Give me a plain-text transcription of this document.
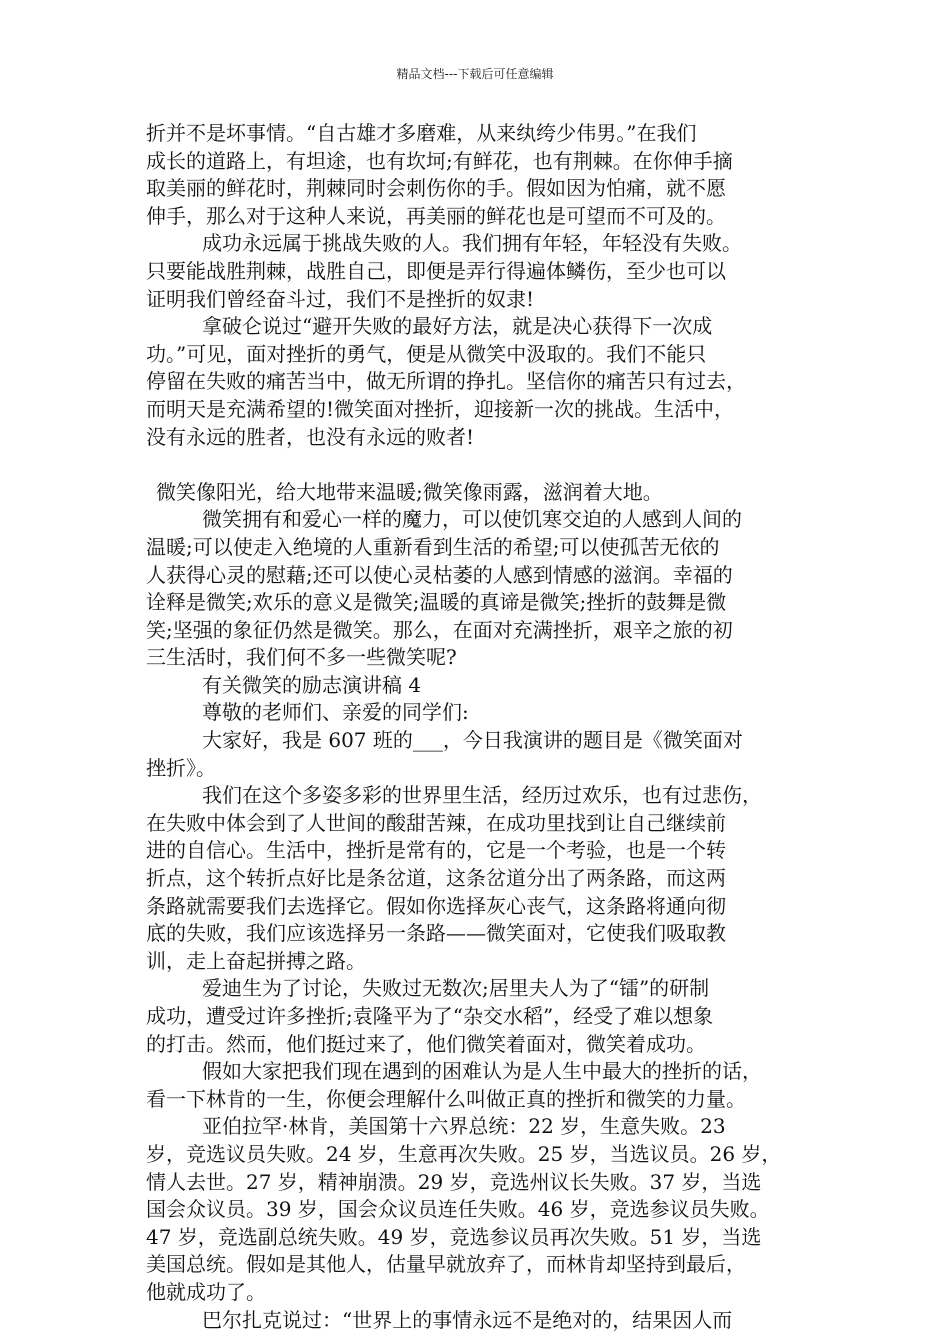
精品文档---下载后可任意编辑
折并不是坏事情。“自古雄才多磨难，从来纨绔少伟男。”在我们
成长的道路上，有坦途，也有坎坷;有鲜花，也有荆棘。在你伸手摘
取美丽的鲜花时，荆棘同时会刺伤你的手。假如因为怕痛，就不愿
伸手，那么对于这种人来说，再美丽的鲜花也是可望而不可及的。
成功永远属于挑战失败的人。我们拥有年轻，年轻没有失败。
只要能战胜荆棘，战胜自己，即便是弄行得遍体鳞伤，至少也可以
证明我们曾经奋斗过，我们不是挫折的奴隶!
拿破仑说过“避开失败的最好方法，就是决心获得下一次成
功。”可见，面对挫折的勇气，便是从微笑中汲取的。我们不能只
停留在失败的痛苦当中，做无所谓的挣扎。坚信你的痛苦只有过去，
而明天是充满希望的!微笑面对挫折，迎接新一次的挑战。生活中，
没有永远的胜者，也没有永远的败者!
微笑像阳光，给大地带来温暖;微笑像雨露，滋润着大地。
微笑拥有和爱心一样的魔力，可以使饥寒交迫的人感到人间的
温暖;可以使走入绝境的人重新看到生活的希望;可以使孤苦无依的
人获得心灵的慰藉;还可以使心灵枯萎的人感到情感的滋润。幸福的
诠释是微笑;欢乐的意义是微笑;温暖的真谛是微笑;挫折的鼓舞是微
笑;坚强的象征仍然是微笑。那么，在面对充满挫折，艰辛之旅的初
三生活时，我们何不多一些微笑呢?
有关微笑的励志演讲稿 4
尊敬的老师们、亲爱的同学们:
大家好，我是 607 班的___，今日我演讲的题目是《微笑面对
挫折》。
我们在这个多姿多彩的世界里生活，经历过欢乐，也有过悲伤，
在失败中体会到了人世间的酸甜苦辣，在成功里找到让自己继续前
进的自信心。生活中，挫折是常有的，它是一个考验，也是一个转
折点，这个转折点好比是条岔道，这条岔道分出了两条路，而这两
条路就需要我们去选择它。假如你选择灰心丧气，这条路将通向彻
底的失败，我们应该选择另一条路——微笑面对，它使我们吸取教
训，走上奋起拼搏之路。
爱迪生为了讨论，失败过无数次;居里夫人为了“镭”的研制
成功，遭受过许多挫折;袁隆平为了“杂交水稻”，经受了难以想象
的打击。然而，他们挺过来了，他们微笑着面对，微笑着成功。
假如大家把我们现在遇到的困难认为是人生中最大的挫折的话，
看一下林肯的一生，你便会理解什么叫做正真的挫折和微笑的力量。
亚伯拉罕·林肯，美国第十六界总统：22 岁，生意失败。23
岁，竞选议员失败。24 岁，生意再次失败。25 岁，当选议员。26 岁，
情人去世。27 岁，精神崩溃。29 岁，竞选州议长失败。37 岁，当选
国会众议员。39 岁，国会众议员连任失败。46 岁，竞选参议员失败。
47 岁，竞选副总统失败。49 岁，竞选参议员再次失败。51 岁，当选
美国总统。假如是其他人，估量早就放弃了，而林肯却坚持到最后，
他就成功了。
巴尔扎克说过：“世界上的事情永远不是绝对的，结果因人而
